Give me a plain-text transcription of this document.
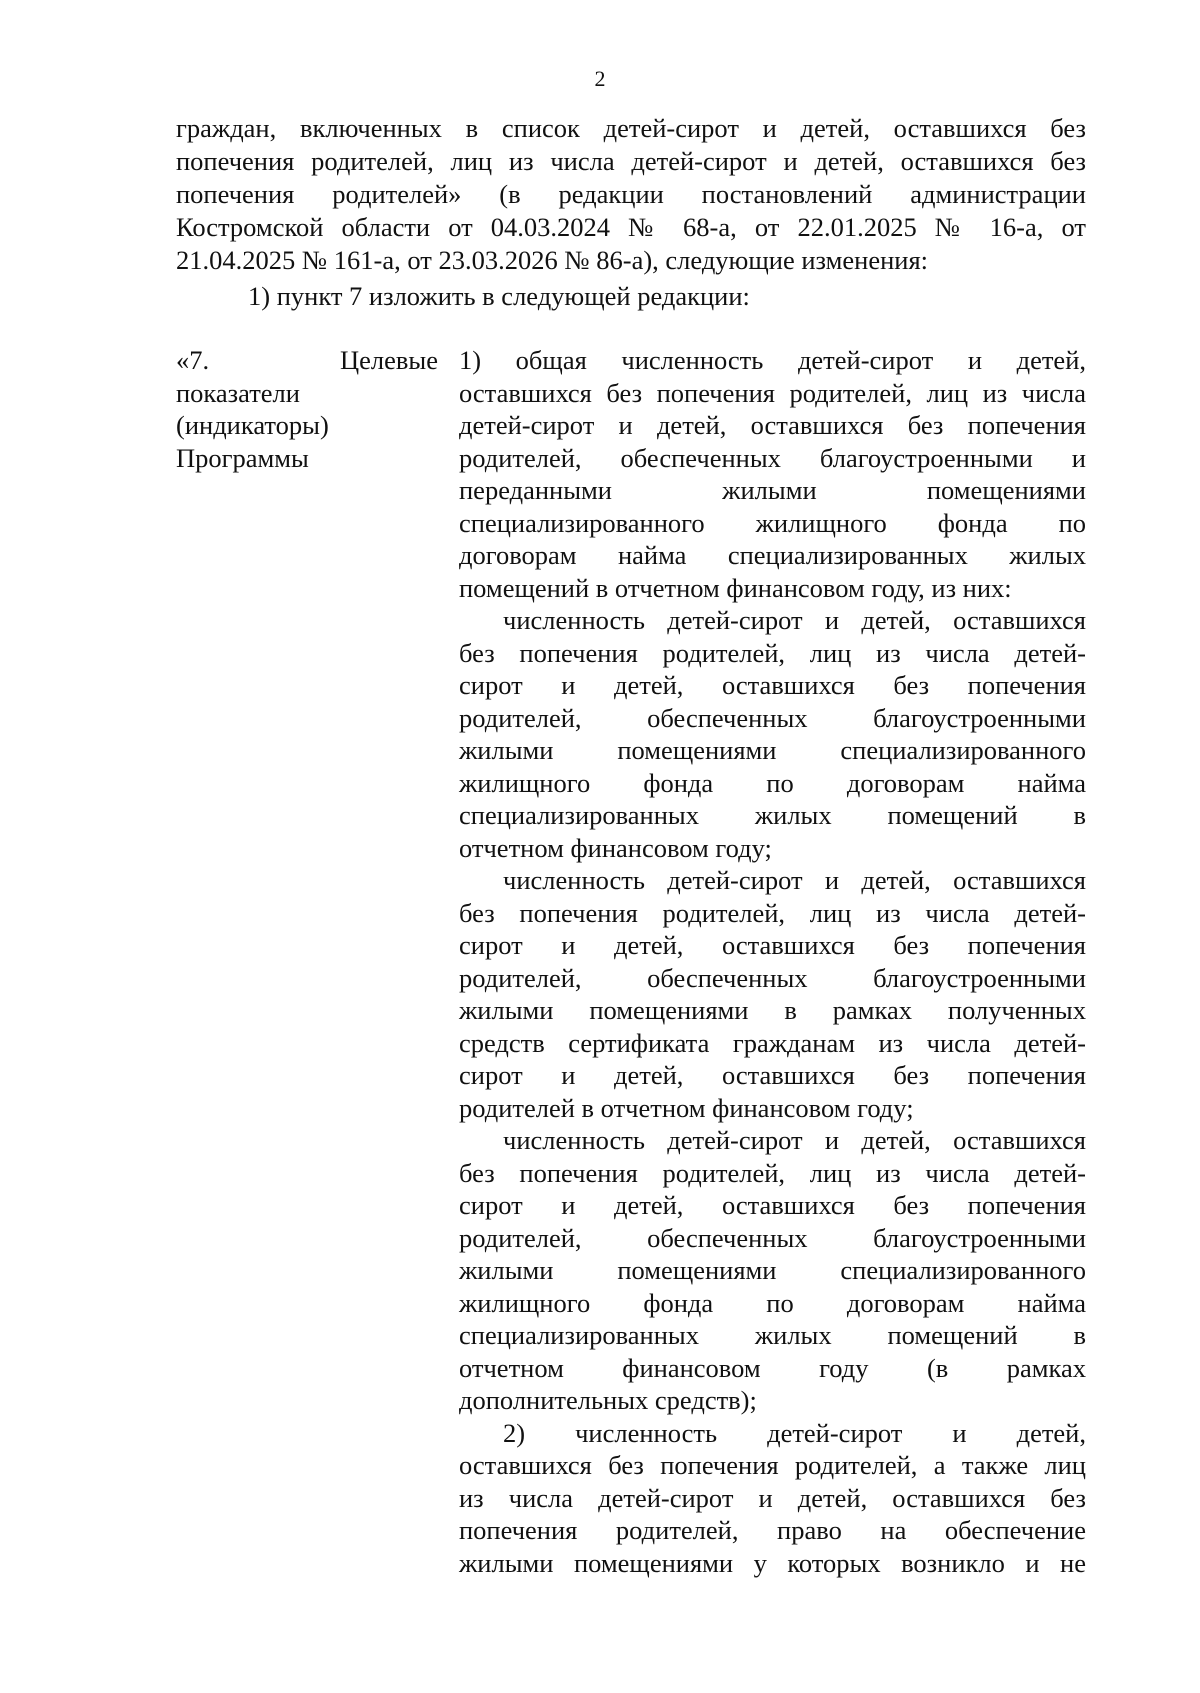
2
граждан, включенных в список детей-сирот и детей, оставшихся без
попечения родителей, лиц из числа детей-сирот и детей, оставшихся без
попечения родителей» (в редакции постановлений администрации
Костромской области от 04.03.2024 № 68-а, от 22.01.2025 № 16-а, от
21.04.2025 № 161-а, от 23.03.2026 № 86-а), следующие изменения:
1) пункт 7 изложить в следующей редакции:
«7.	Целевые
показатели
(индикаторы)
Программы
1) общая численность детей-сирот и детей,
оставшихся без попечения родителей, лиц из числа
детей-сирот и детей, оставшихся без попечения
родителей, обеспеченных благоустроенными и
переданными жилыми помещениями
специализированного жилищного фонда по
договорам найма специализированных жилых
помещений в отчетном финансовом году, из них:
численность детей-сирот и детей, оставшихся
без попечения родителей, лиц из числа детей-
сирот и детей, оставшихся без попечения
родителей, обеспеченных благоустроенными
жилыми помещениями специализированного
жилищного фонда по договорам найма
специализированных жилых помещений в
отчетном финансовом году;
численность детей-сирот и детей, оставшихся
без попечения родителей, лиц из числа детей-
сирот и детей, оставшихся без попечения
родителей, обеспеченных благоустроенными
жилыми помещениями в рамках полученных
средств сертификата гражданам из числа детей-
сирот и детей, оставшихся без попечения
родителей в отчетном финансовом году;
численность детей-сирот и детей, оставшихся
без попечения родителей, лиц из числа детей-
сирот и детей, оставшихся без попечения
родителей, обеспеченных благоустроенными
жилыми помещениями специализированного
жилищного фонда по договорам найма
специализированных жилых помещений в
отчетном финансовом году (в рамках
дополнительных средств);
2) численность детей-сирот и детей,
оставшихся без попечения родителей, а также лиц
из числа детей-сирот и детей, оставшихся без
попечения родителей, право на обеспечение
жилыми помещениями у которых возникло и не
